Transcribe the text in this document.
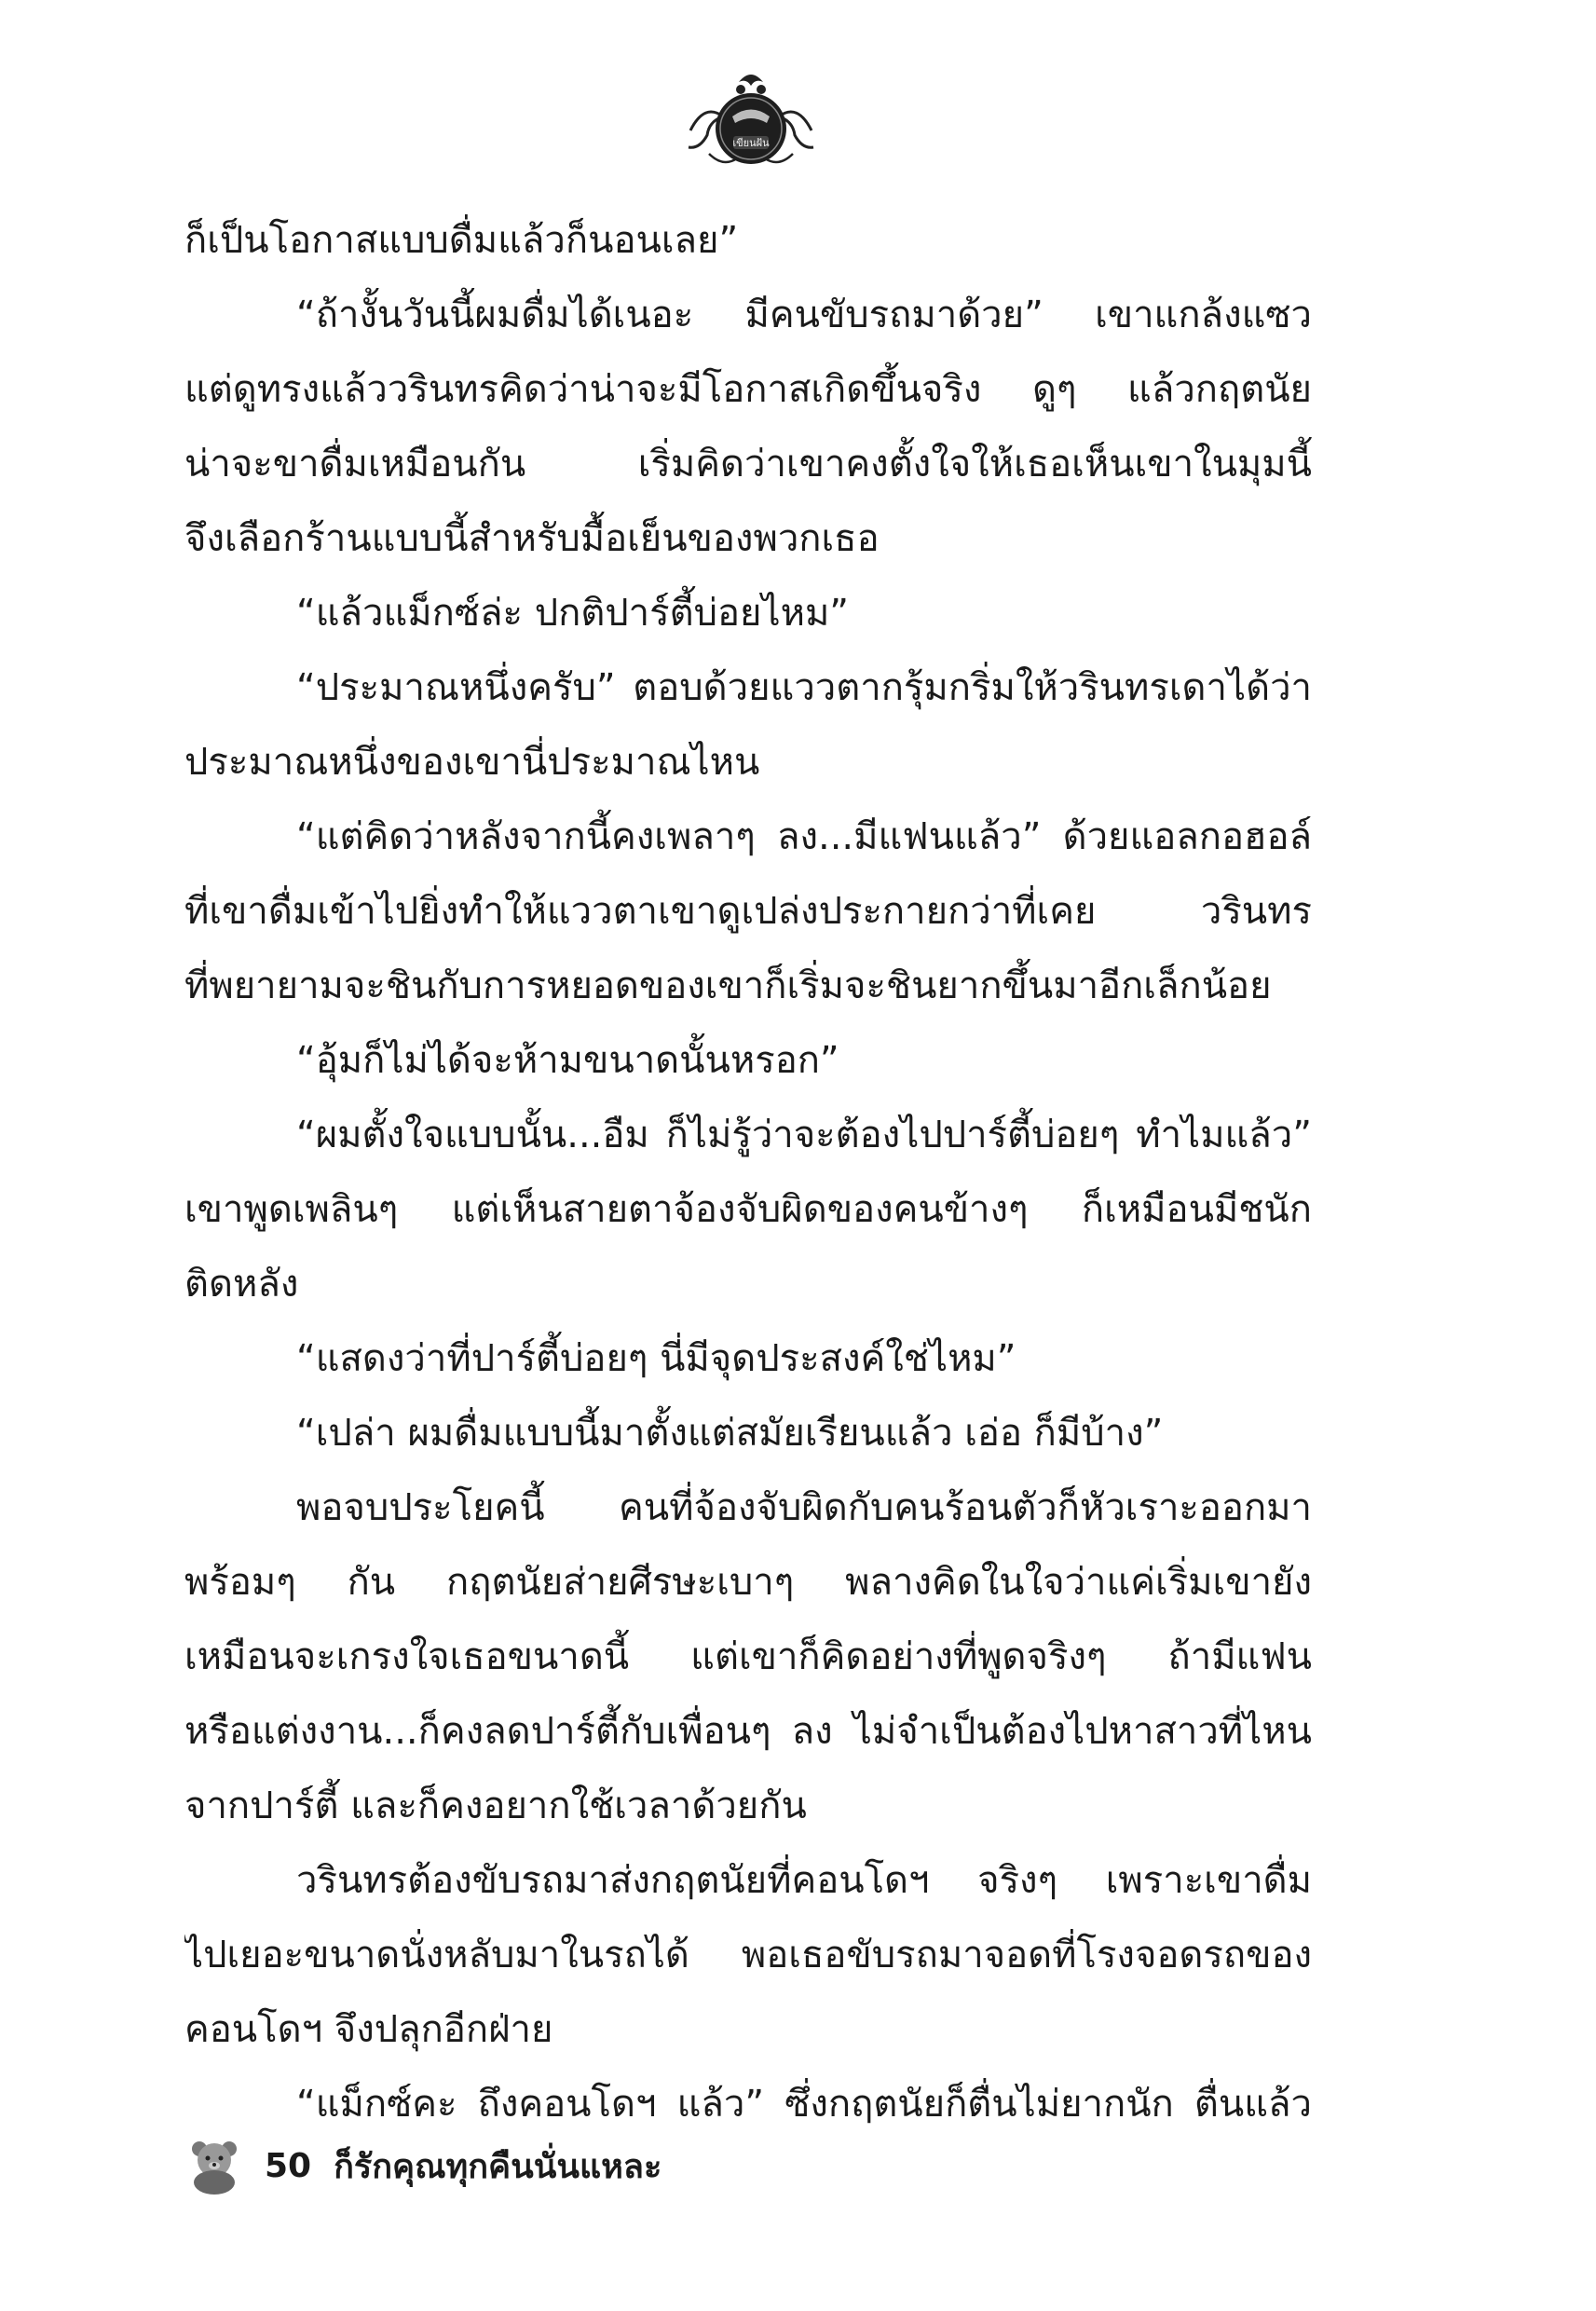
เขียนฝัน
ก็เป็นโอกาสแบบดื่มแล้วก็นอนเลย”
“ถ้างั้นวันนี้ผมดื่มได้เนอะ มีคนขับรถมาด้วย” เขาแกล้งแซว
แต่ดูทรงแล้ววรินทรคิดว่าน่าจะมีโอกาสเกิดขึ้นจริง ดูๆ แล้วกฤตนัย
น่าจะขาดื่มเหมือนกัน เริ่มคิดว่าเขาคงตั้งใจให้เธอเห็นเขาในมุมนี้
จึงเลือกร้านแบบนี้สำหรับมื้อเย็นของพวกเธอ
“แล้วแม็กซ์ล่ะ ปกติปาร์ตี้บ่อยไหม”
“ประมาณหนึ่งครับ” ตอบด้วยแววตากรุ้มกริ่มให้วรินทรเดาได้ว่า
ประมาณหนึ่งของเขานี่ประมาณไหน
“แต่คิดว่าหลังจากนี้คงเพลาๆ ลง...มีแฟนแล้ว” ด้วยแอลกอฮอล์
ที่เขาดื่มเข้าไปยิ่งทำให้แววตาเขาดูเปล่งประกายกว่าที่เคย วรินทร
ที่พยายามจะชินกับการหยอดของเขาก็เริ่มจะชินยากขึ้นมาอีกเล็กน้อย
“อุ้มก็ไม่ได้จะห้ามขนาดนั้นหรอก”
“ผมตั้งใจแบบนั้น...อืม ก็ไม่รู้ว่าจะต้องไปปาร์ตี้บ่อยๆ ทำไมแล้ว”
เขาพูดเพลินๆ แต่เห็นสายตาจ้องจับผิดของคนข้างๆ ก็เหมือนมีชนัก
ติดหลัง
“แสดงว่าที่ปาร์ตี้บ่อยๆ นี่มีจุดประสงค์ใช่ไหม”
“เปล่า ผมดื่มแบบนี้มาตั้งแต่สมัยเรียนแล้ว เอ่อ ก็มีบ้าง”
พอจบประโยคนี้ คนที่จ้องจับผิดกับคนร้อนตัวก็หัวเราะออกมา
พร้อมๆ กัน กฤตนัยส่ายศีรษะเบาๆ พลางคิดในใจว่าแค่เริ่มเขายัง
เหมือนจะเกรงใจเธอขนาดนี้ แต่เขาก็คิดอย่างที่พูดจริงๆ ถ้ามีแฟน
หรือแต่งงาน...ก็คงลดปาร์ตี้กับเพื่อนๆ ลง ไม่จำเป็นต้องไปหาสาวที่ไหน
จากปาร์ตี้ และก็คงอยากใช้เวลาด้วยกัน
วรินทรต้องขับรถมาส่งกฤตนัยที่คอนโดฯ จริงๆ เพราะเขาดื่ม
ไปเยอะขนาดนั่งหลับมาในรถได้ พอเธอขับรถมาจอดที่โรงจอดรถของ
คอนโดฯ จึงปลุกอีกฝ่าย
“แม็กซ์คะ ถึงคอนโดฯ แล้ว” ซึ่งกฤตนัยก็ตื่นไม่ยากนัก ตื่นแล้ว
50 ก็รักคุณทุกคืนนั่นแหละ
